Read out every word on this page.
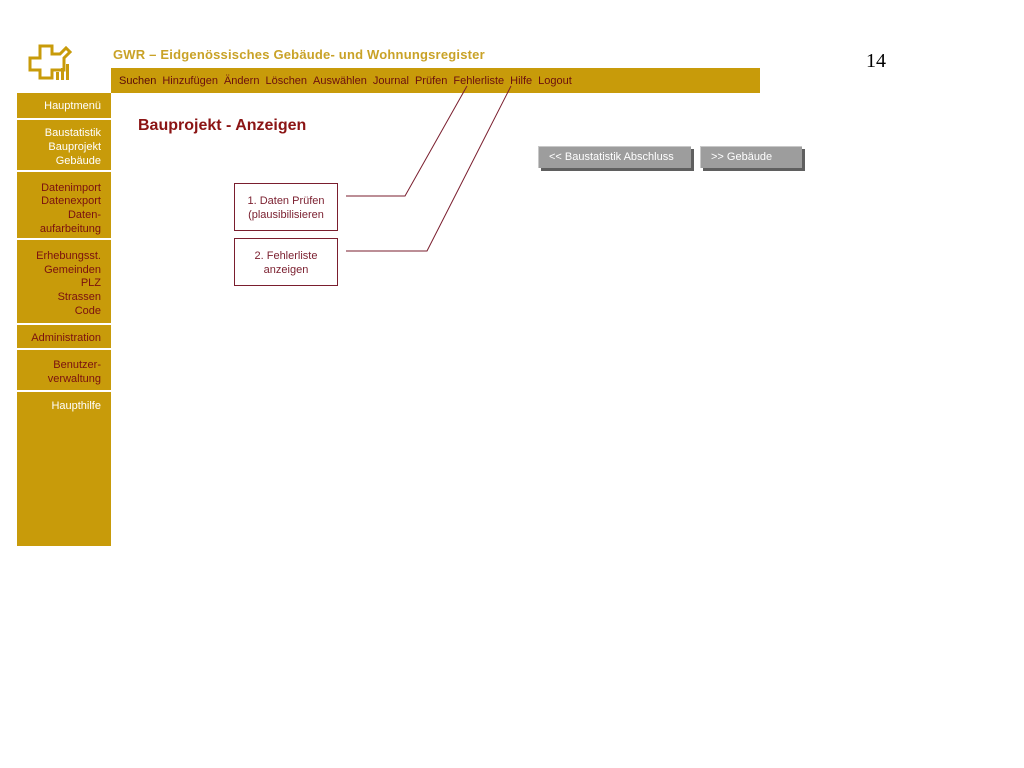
GWR – Eidgenössisches Gebäude- und Wohnungsregister	14
Suchen Hinzufügen Ändern Löschen Auswählen Journal Prüfen Fehlerliste Hilfe Logout
Hauptmenü
Baustatistik
Bauprojekt
Gebäude
Datenimport
Datenexport
Daten-
aufarbeitung
Erhebungsst.
Gemeinden
PLZ
Strassen
Code
Administration
Benutzer-
verwaltung
Haupthilfe
Bauprojekt - Anzeigen
<< Baustatistik Abschluss	>> Gebäude
1. Daten Prüfen
(plausibilisieren
2. Fehlerliste
anzeigen
